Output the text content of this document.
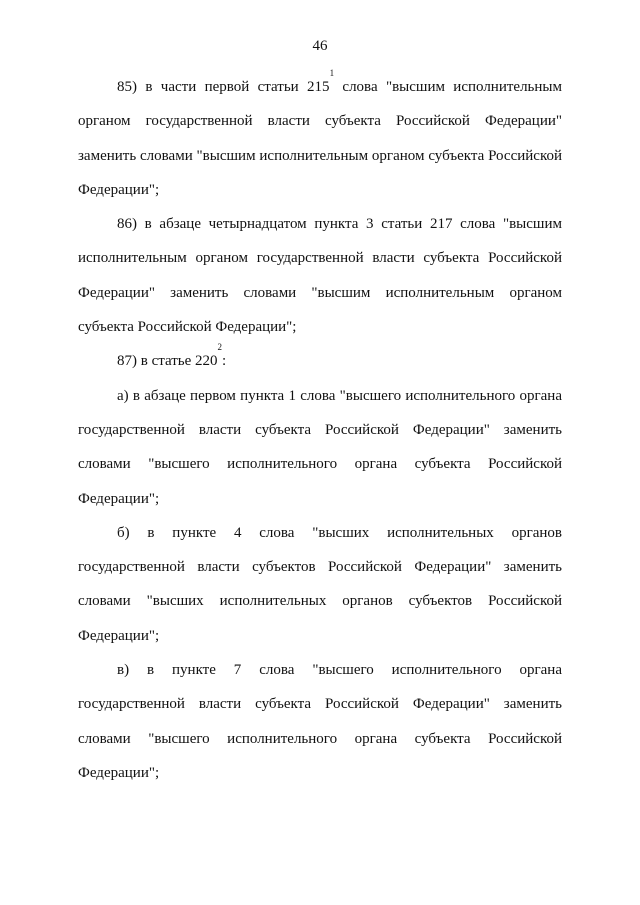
46
85) в части первой статьи $215^1$ слова "высшим исполнительным
органом государственной власти субъекта Российской Федерации"
заменить словами "высшим исполнительным органом субъекта Российской
Федерации";
86) в абзаце четырнадцатом пункта 3 статьи 217 слова "высшим
исполнительным органом государственной власти субъекта Российской
Федерации" заменить словами "высшим исполнительным органом
субъекта Российской Федерации";
87) в статье $220^2$:
а) в абзаце первом пункта 1 слова "высшего исполнительного органа
государственной власти субъекта Российской Федерации" заменить
словами "высшего исполнительного органа субъекта Российской
Федерации";
б) в пункте 4 слова "высших исполнительных органов
государственной власти субъектов Российской Федерации" заменить
словами "высших исполнительных органов субъектов Российской
Федерации";
в) в пункте 7 слова "высшего исполнительного органа
государственной власти субъекта Российской Федерации" заменить
словами "высшего исполнительного органа субъекта Российской
Федерации";
